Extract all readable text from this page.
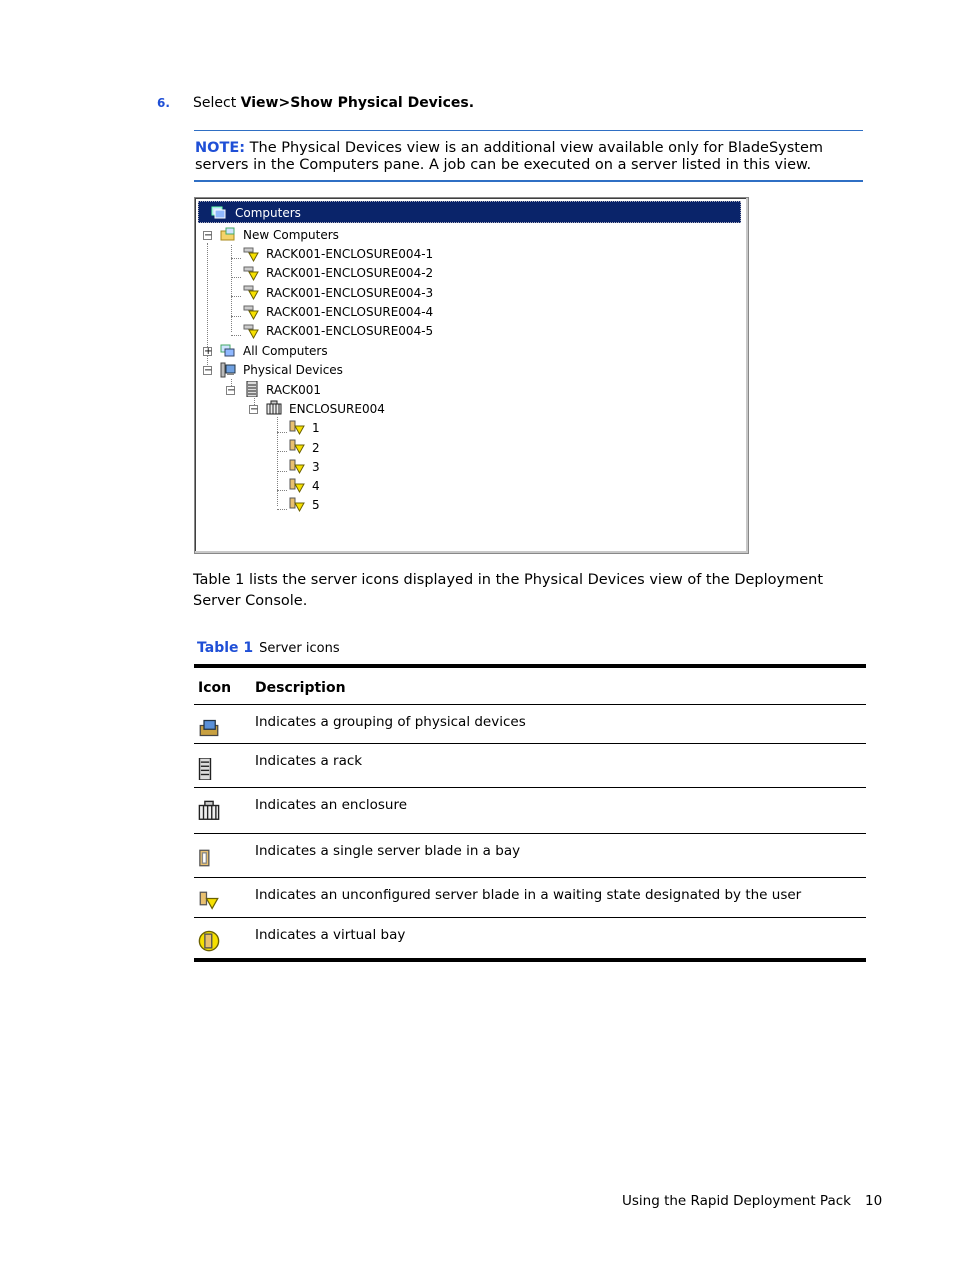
6. Select View>Show Physical Devices.
NOTE: The Physical Devices view is an additional view available only for BladeSystem servers in the Computers pane. A job can be executed on a server listed in this view.
Computers
−	New Computers
RACK001-ENCLOSURE004-1
RACK001-ENCLOSURE004-2
RACK001-ENCLOSURE004-3
RACK001-ENCLOSURE004-4
RACK001-ENCLOSURE004-5
+	All Computers
−	Physical Devices
−	RACK001
−	ENCLOSURE004
1
2
3
4
5
Table 1 lists the server icons displayed in the Physical Devices view of the Deployment Server Console.
Table 1 Server icons
Icon Description
Indicates a grouping of physical devices
Indicates a rack
Indicates an enclosure
Indicates a single server blade in a bay
Indicates an unconfigured server blade in a waiting state designated by the user
Indicates a virtual bay
Using the Rapid Deployment Pack 10
